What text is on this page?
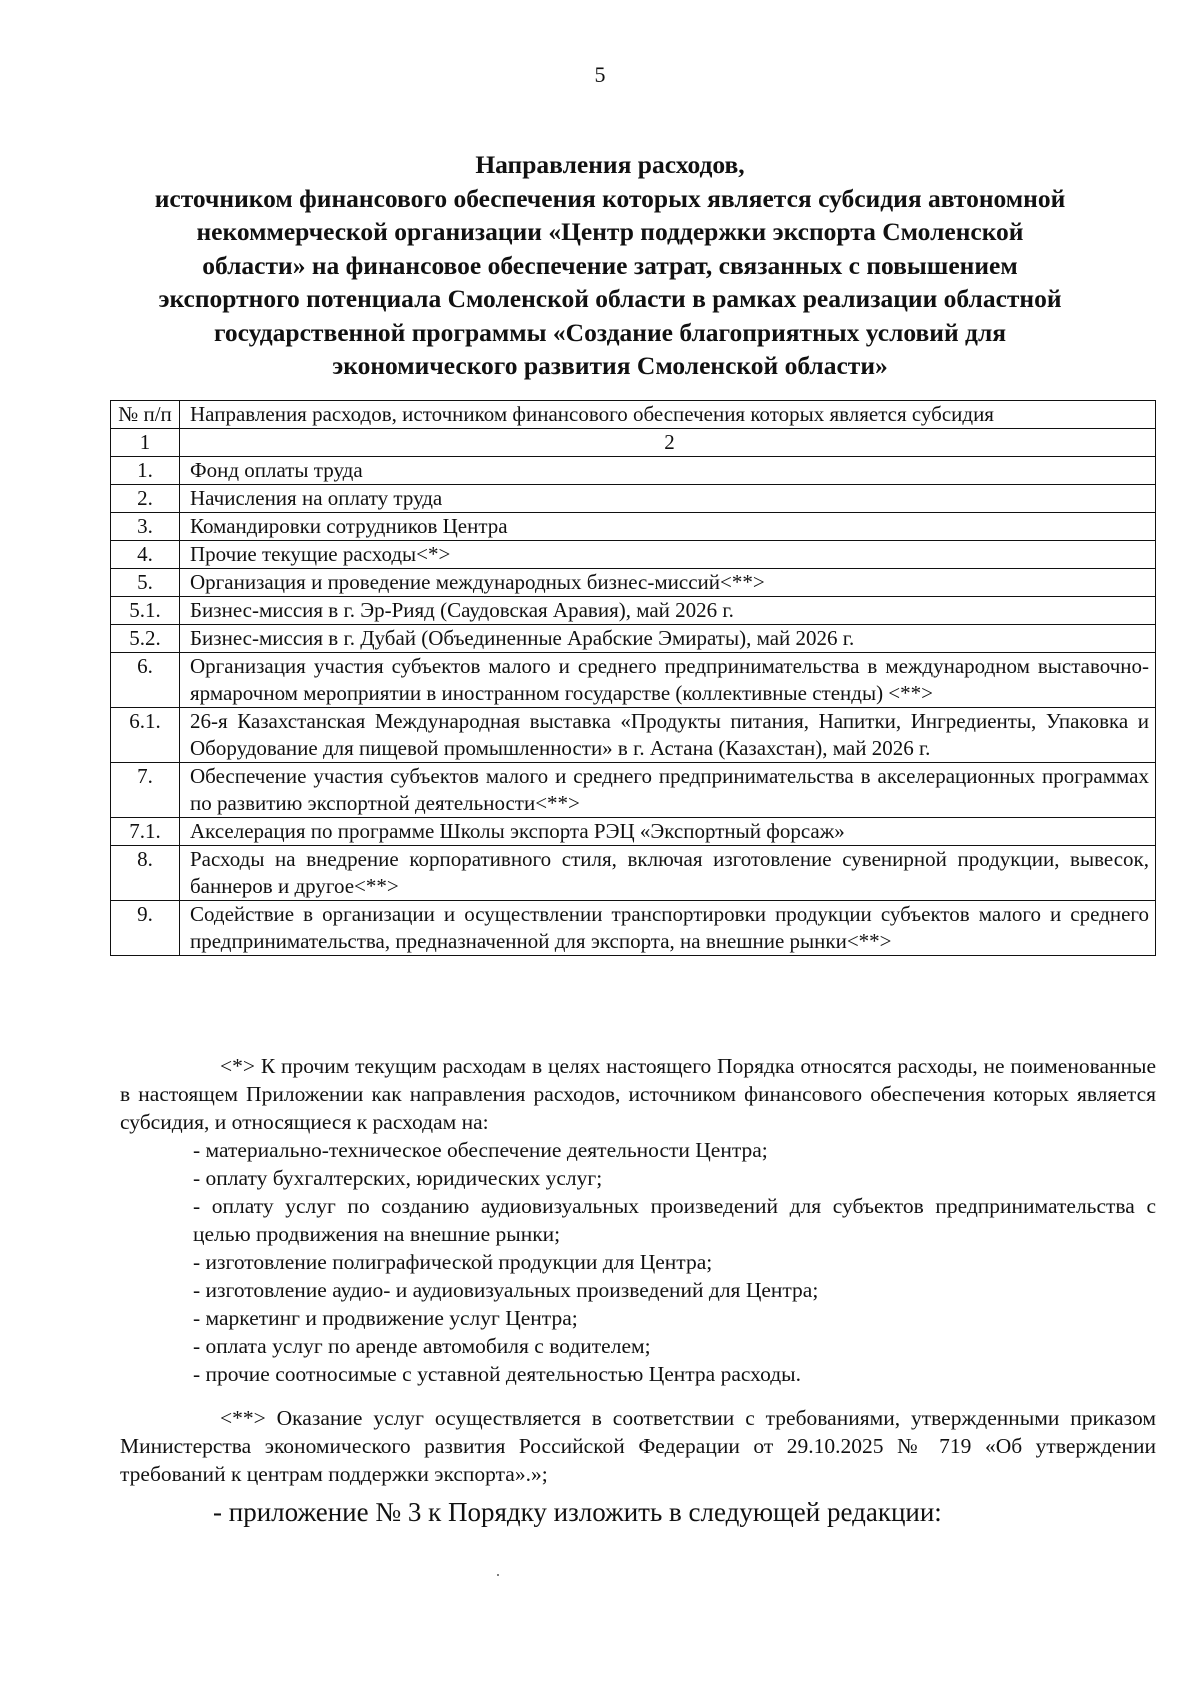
5
Направления расходов,
источником финансового обеспечения которых является субсидия автономной
некоммерческой организации «Центр поддержки экспорта Смоленской
области» на финансовое обеспечение затрат, связанных с повышением
экспортного потенциала Смоленской области в рамках реализации областной
государственной программы «Создание благоприятных условий для
экономического развития Смоленской области»
№ п/п	Направления расходов, источником финансового обеспечения которых является субсидия
1	2
1.	Фонд оплаты труда
2.	Начисления на оплату труда
3.	Командировки сотрудников Центра
4.	Прочие текущие расходы<*>
5.	Организация и проведение международных бизнес-миссий<**>
5.1.	Бизнес-миссия в г. Эр-Рияд (Саудовская Аравия), май 2026 г.
5.2.	Бизнес-миссия в г. Дубай (Объединенные Арабские Эмираты), май 2026 г.
6.	Организация участия субъектов малого и среднего предпринимательства в международном выставочно-ярмарочном мероприятии в иностранном государстве (коллективные стенды) <**>
6.1.	26-я Казахстанская Международная выставка «Продукты питания, Напитки, Ингредиенты, Упаковка и Оборудование для пищевой промышленности» в г. Астана (Казахстан), май 2026 г.
7.	Обеспечение участия субъектов малого и среднего предпринимательства в акселерационных программах по развитию экспортной деятельности<**>
7.1.	Акселерация по программе Школы экспорта РЭЦ «Экспортный форсаж»
8.	Расходы на внедрение корпоративного стиля, включая изготовление сувенирной продукции, вывесок, баннеров и другое<**>
9.	Содействие в организации и осуществлении транспортировки продукции субъектов малого и среднего предпринимательства, предназначенной для экспорта, на внешние рынки<**>

<*> К прочим текущим расходам в целях настоящего Порядка относятся расходы, не поименованные в настоящем Приложении как направления расходов, источником финансового обеспечения которых является субсидия, и относящиеся к расходам на:

- материально-техническое обеспечение деятельности Центра;
- оплату бухгалтерских, юридических услуг;
- оплату услуг по созданию аудиовизуальных произведений для субъектов предпринимательства с целью продвижения на внешние рынки;
- изготовление полиграфической продукции для Центра;
- изготовление аудио- и аудиовизуальных произведений для Центра;
- маркетинг и продвижение услуг Центра;
- оплата услуг по аренде автомобиля с водителем;
- прочие соотносимые с уставной деятельностью Центра расходы.

<**> Оказание услуг осуществляется в соответствии с требованиями, утвержденными приказом Министерства экономического развития Российской Федерации от 29.10.2025 № 719 «Об утверждении требований к центрам поддержки экспорта».»;

- приложение № 3 к Порядку изложить в следующей редакции:
